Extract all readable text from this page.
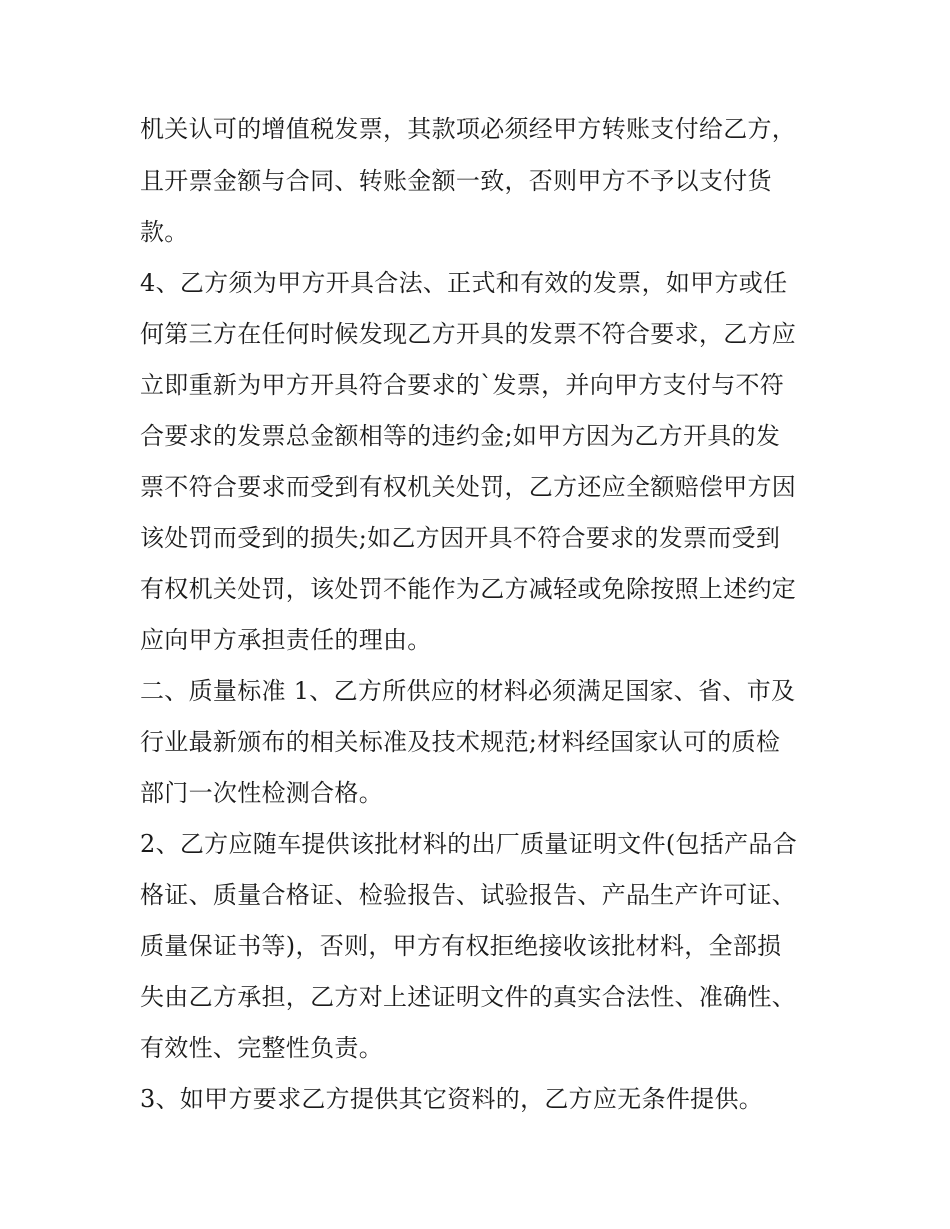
机关认可的增值税发票，其款项必须经甲方转账支付给乙方，

且开票金额与合同、转账金额一致，否则甲方不予以支付货

款。

4、乙方须为甲方开具合法、正式和有效的发票，如甲方或任

何第三方在任何时候发现乙方开具的发票不符合要求，乙方应

立即重新为甲方开具符合要求的`发票，并向甲方支付与不符

合要求的发票总金额相等的违约金;如甲方因为乙方开具的发

票不符合要求而受到有权机关处罚，乙方还应全额赔偿甲方因

该处罚而受到的损失;如乙方因开具不符合要求的发票而受到

有权机关处罚，该处罚不能作为乙方减轻或免除按照上述约定

应向甲方承担责任的理由。

二、质量标准 1、乙方所供应的材料必须满足国家、省、市及

行业最新颁布的相关标准及技术规范;材料经国家认可的质检

部门一次性检测合格。

2、乙方应随车提供该批材料的出厂质量证明文件(包括产品合

格证、质量合格证、检验报告、试验报告、产品生产许可证、

质量保证书等)，否则，甲方有权拒绝接收该批材料，全部损

失由乙方承担，乙方对上述证明文件的真实合法性、准确性、

有效性、完整性负责。

3、如甲方要求乙方提供其它资料的，乙方应无条件提供。
